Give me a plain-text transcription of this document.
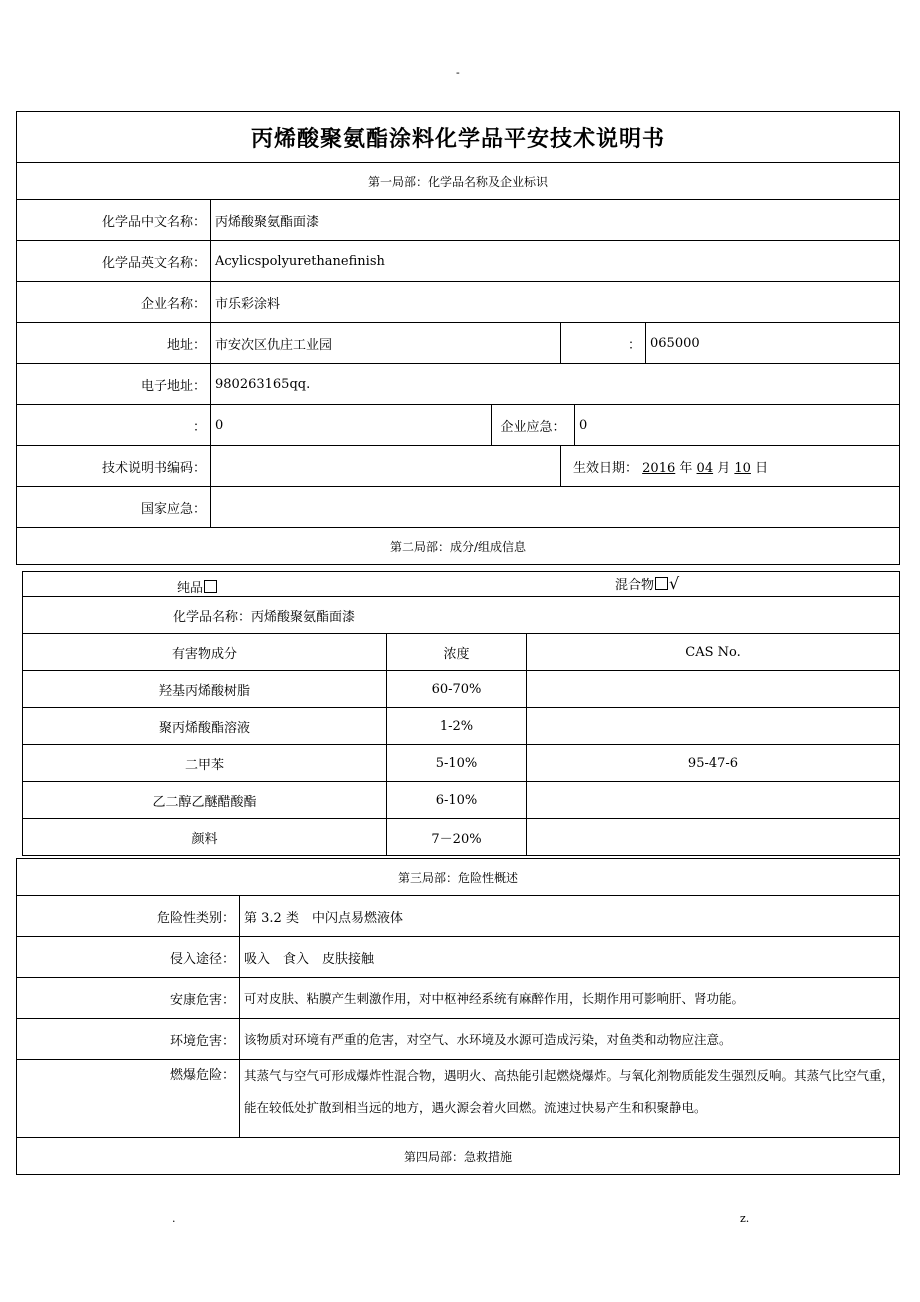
-
丙烯酸聚氨酯涂料化学品平安技术说明书					
第一局部：化学品名称及企业标识					
化学品中文名称：	丙烯酸聚氨酯面漆				
化学品英文名称：	Acylicspolyurethanefinish				
企业名称：	市乐彩涂料				
地址：	市安次区仇庄工业园		：		065000
电子地址：	980263165qq.				
：	0	企业应急：		0	
技术说明书编码：			生效日期： 2016 年 04 月 10 日		
国家应急：					
第二局部：成分/组成信息					
纯品 混合物 √		

化学品名称：丙烯酸聚氨酯面漆		
有害物成分	浓度	CAS No.
羟基丙烯酸树脂	60-70%	
聚丙烯酸酯溶液	1-2%	
二甲苯	5-10%	95-47-6
乙二醇乙醚醋酸酯	6-10%	
颜料	7－20%	
第三局部：危险性概述	
危险性类别：	第 3.2 类　中闪点易燃液体
侵入途径：	吸入　食入　皮肤接触
安康危害：	可对皮肤、粘膜产生刺激作用，对中枢神经系统有麻醉作用，长期作用可影响肝、肾功能。
环境危害：	该物质对环境有严重的危害，对空气、水环境及水源可造成污染，对鱼类和动物应注意。
燃爆危险：	其蒸气与空气可形成爆炸性混合物，遇明火、高热能引起燃烧爆炸。与氧化剂物质能发生强烈反响。其蒸气比空气重，能在较低处扩散到相当远的地方，遇火源会着火回燃。流速过快易产生和积聚静电。
第四局部：急救措施	
.	z.
